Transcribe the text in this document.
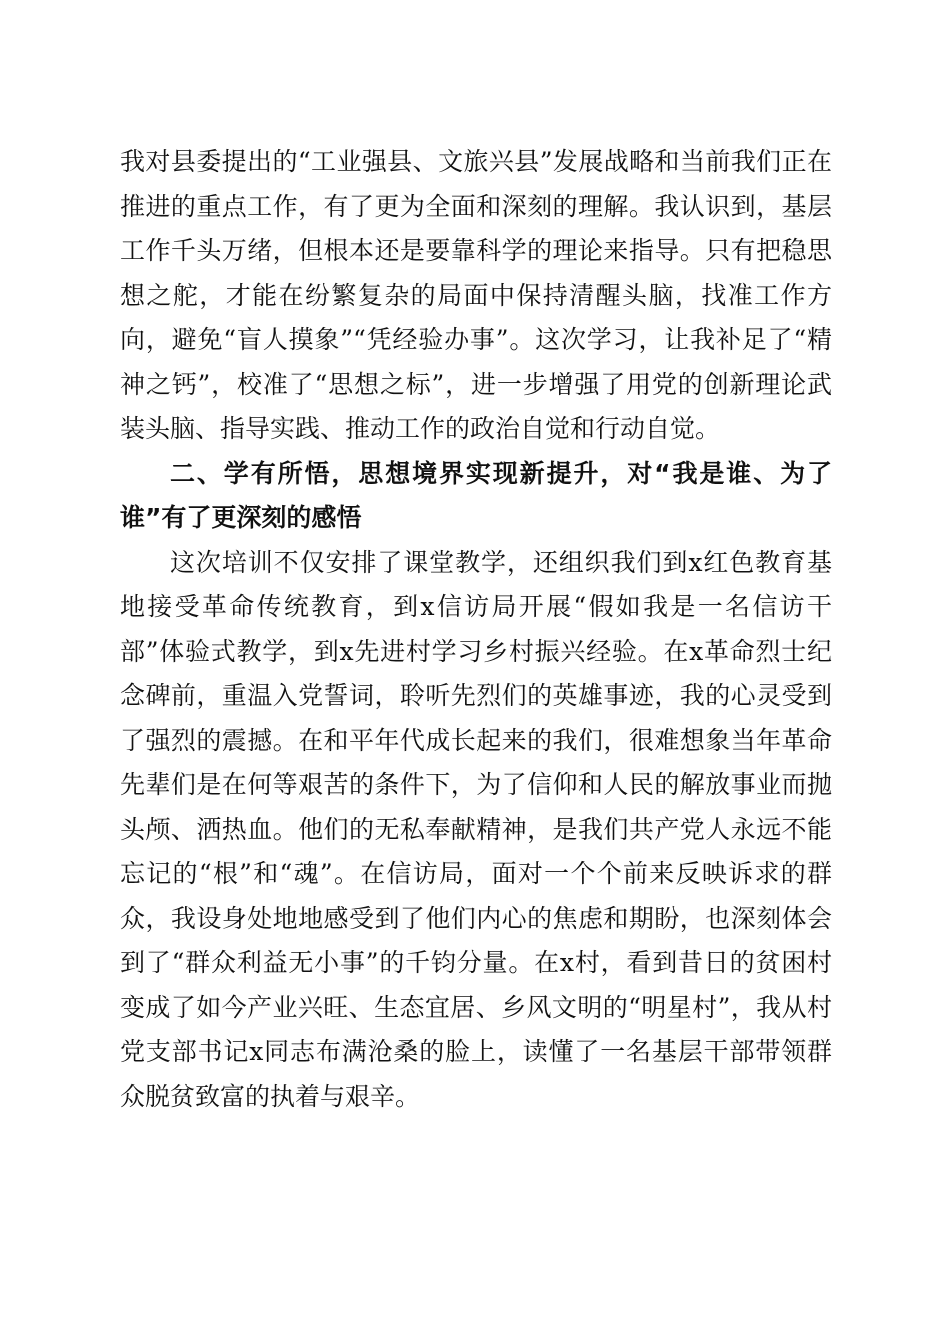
我对县委提出的“工业强县、文旅兴县”发展战略和当前我们正在推进的重点工作，有了更为全面和深刻的理解。我认识到，基层工作千头万绪，但根本还是要靠科学的理论来指导。只有把稳思想之舵，才能在纷繁复杂的局面中保持清醒头脑，找准工作方向，避免“盲人摸象”“凭经验办事”。这次学习，让我补足了“精神之钙”，校准了“思想之标”，进一步增强了用党的创新理论武装头脑、指导实践、推动工作的政治自觉和行动自觉。

二、学有所悟，思想境界实现新提升，对“我是谁、为了谁”有了更深刻的感悟

这次培训不仅安排了课堂教学，还组织我们到x红色教育基地接受革命传统教育，到x信访局开展“假如我是一名信访干部”体验式教学，到x先进村学习乡村振兴经验。在x革命烈士纪念碑前，重温入党誓词，聆听先烈们的英雄事迹，我的心灵受到了强烈的震撼。在和平年代成长起来的我们，很难想象当年革命先辈们是在何等艰苦的条件下，为了信仰和人民的解放事业而抛头颅、洒热血。他们的无私奉献精神，是我们共产党人永远不能忘记的“根”和“魂”。在信访局，面对一个个前来反映诉求的群众，我设身处地地感受到了他们内心的焦虑和期盼，也深刻体会到了“群众利益无小事”的千钧分量。在x村，看到昔日的贫困村变成了如今产业兴旺、生态宜居、乡风文明的“明星村”，我从村党支部书记x同志布满沧桑的脸上，读懂了一名基层干部带领群众脱贫致富的执着与艰辛。
